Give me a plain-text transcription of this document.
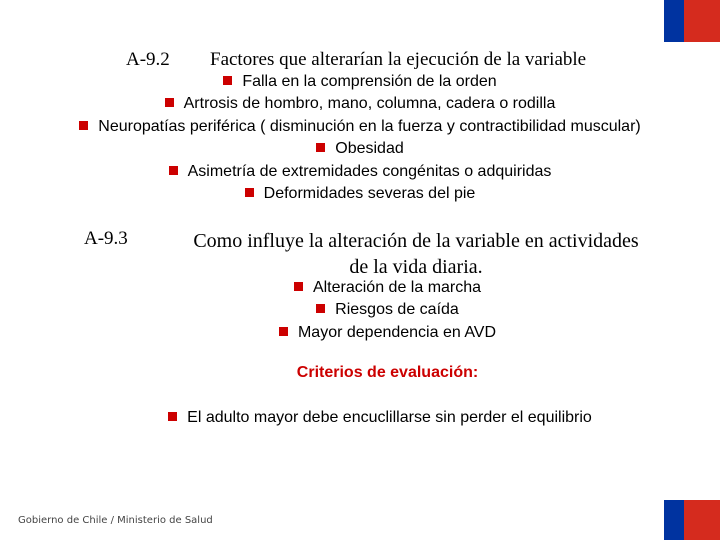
A-9.2 Factores que alterarían la ejecución de la variable
Falla en la comprensión de la orden
Artrosis de hombro, mano, columna, cadera o rodilla
Neuropatías periférica ( disminución en la fuerza y contractibilidad muscular)
Obesidad
Asimetría de extremidades congénitas o adquiridas
Deformidades severas del pie
A-9.3	Como influye la alteración de la variable en actividades
de la vida diaria.
Alteración de la marcha
Riesgos de caída
Mayor dependencia en AVD
Criterios de evaluación:
El adulto mayor debe encuclillarse sin perder el equilibrio
Gobierno de Chile / Ministerio de Salud
